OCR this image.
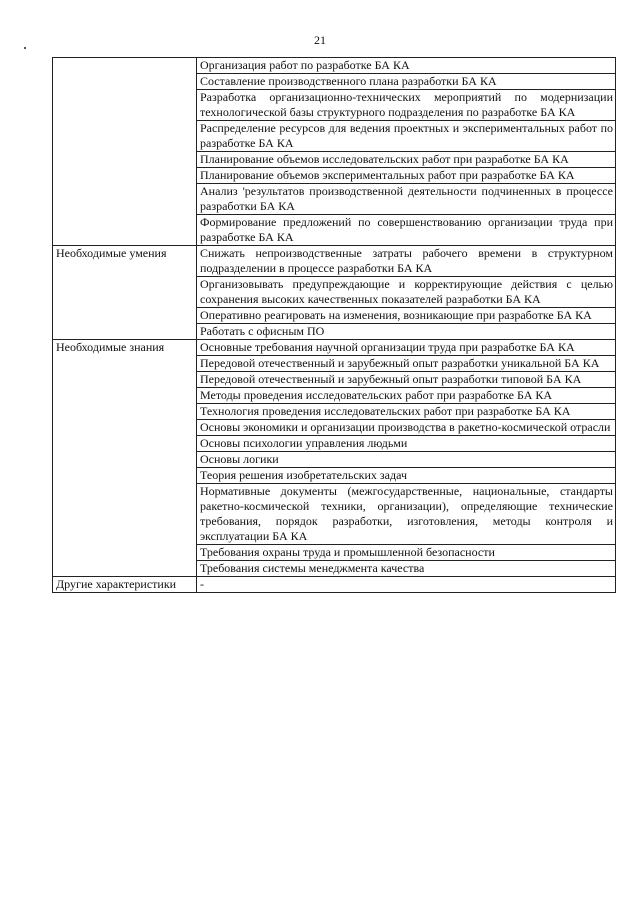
21
	Организация работ по разработке БА КА
	Составление производственного плана разработки БА КА
	Разработка организационно-технических мероприятий по модернизации технологической базы структурного подразделения по разработке БА КА
	Распределение ресурсов для ведения проектных и экспериментальных работ по разработке БА КА
	Планирование объемов исследовательских работ при разработке БА КА
	Планирование объемов экспериментальных работ при разработке БА КА
	Анализ 'результатов производственной деятельности подчиненных в процессе разработки БА КА
	Формирование предложений по совершенствованию организации труда при разработке БА КА
Необходимые умения	Снижать непроизводственные затраты рабочего времени в структурном подразделении в процессе разработки БА КА
	Организовывать предупреждающие и корректирующие действия с целью сохранения высоких качественных показателей разработки БА КА
	Оперативно реагировать на изменения, возникающие при разработке БА КА
	Работать с офисным ПО
Необходимые знания	Основные требования научной организации труда при разработке БА КА
	Передовой отечественный и зарубежный опыт разработки уникальной БА КА
	Передовой отечественный и зарубежный опыт разработки типовой БА КА
	Методы проведения исследовательских работ при разработке БА КА
	Технология проведения исследовательских работ при разработке БА КА
	Основы экономики и организации производства в ракетно-космической отрасли
	Основы психологии управления людьми
	Основы логики
	Теория решения изобретательских задач
	Нормативные документы (межгосударственные, национальные, стандарты ракетно-космической техники, организации), определяющие технические требования, порядок разработки, изготовления, методы контроля и эксплуатации БА КА
	Требования охраны труда и промышленной безопасности
	Требования системы менеджмента качества
Другие характеристики	-
